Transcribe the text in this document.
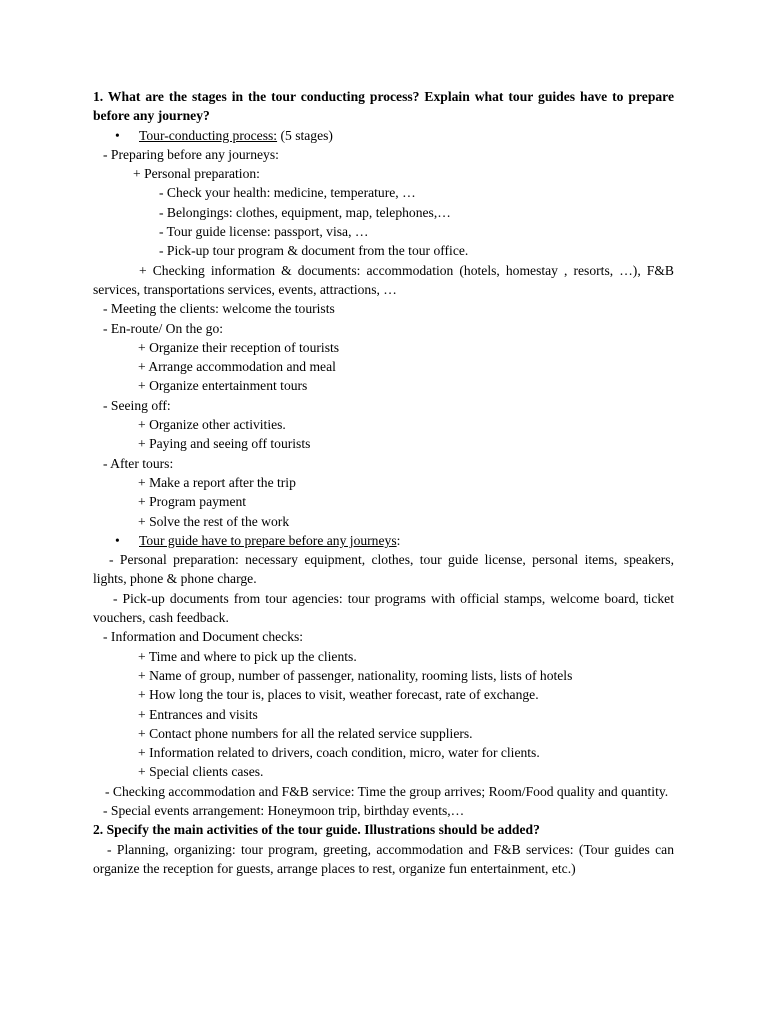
1. What are the stages in the tour conducting process? Explain what tour guides have to prepare before any journey?
• Tour-conducting process: (5 stages)
- Preparing before any journeys:
+ Personal preparation:
- Check your health: medicine, temperature, …
- Belongings: clothes, equipment, map, telephones,…
- Tour guide license: passport, visa, …
- Pick-up tour program & document from the tour office.
+ Checking information & documents: accommodation (hotels, homestay , resorts, …), F&B services, transportations services, events, attractions, …
- Meeting the clients: welcome the tourists
- En-route/ On the go:
+ Organize their reception of tourists
+ Arrange accommodation and meal
+ Organize entertainment tours
- Seeing off:
+ Organize other activities.
+ Paying and seeing off tourists
- After tours:
+ Make a report after the trip
+ Program payment
+ Solve the rest of the work
• Tour guide have to prepare before any journeys:
- Personal preparation: necessary equipment, clothes, tour guide license, personal items, speakers, lights, phone & phone charge.
- Pick-up documents from tour agencies: tour programs with official stamps, welcome board, ticket vouchers, cash feedback.
- Information and Document checks:
+ Time and where to pick up the clients.
+ Name of group, number of passenger, nationality, rooming lists, lists of hotels
+ How long the tour is, places to visit, weather forecast, rate of exchange.
+ Entrances and visits
+ Contact phone numbers for all the related service suppliers.
+ Information related to drivers, coach condition, micro, water for clients.
+ Special clients cases.
- Checking accommodation and F&B service: Time the group arrives; Room/Food quality and quantity.
- Special events arrangement: Honeymoon trip, birthday events,…
2. Specify the main activities of the tour guide. Illustrations should be added?
- Planning, organizing: tour program, greeting, accommodation and F&B services: (Tour guides can organize the reception for guests, arrange places to rest, organize fun entertainment, etc.)
